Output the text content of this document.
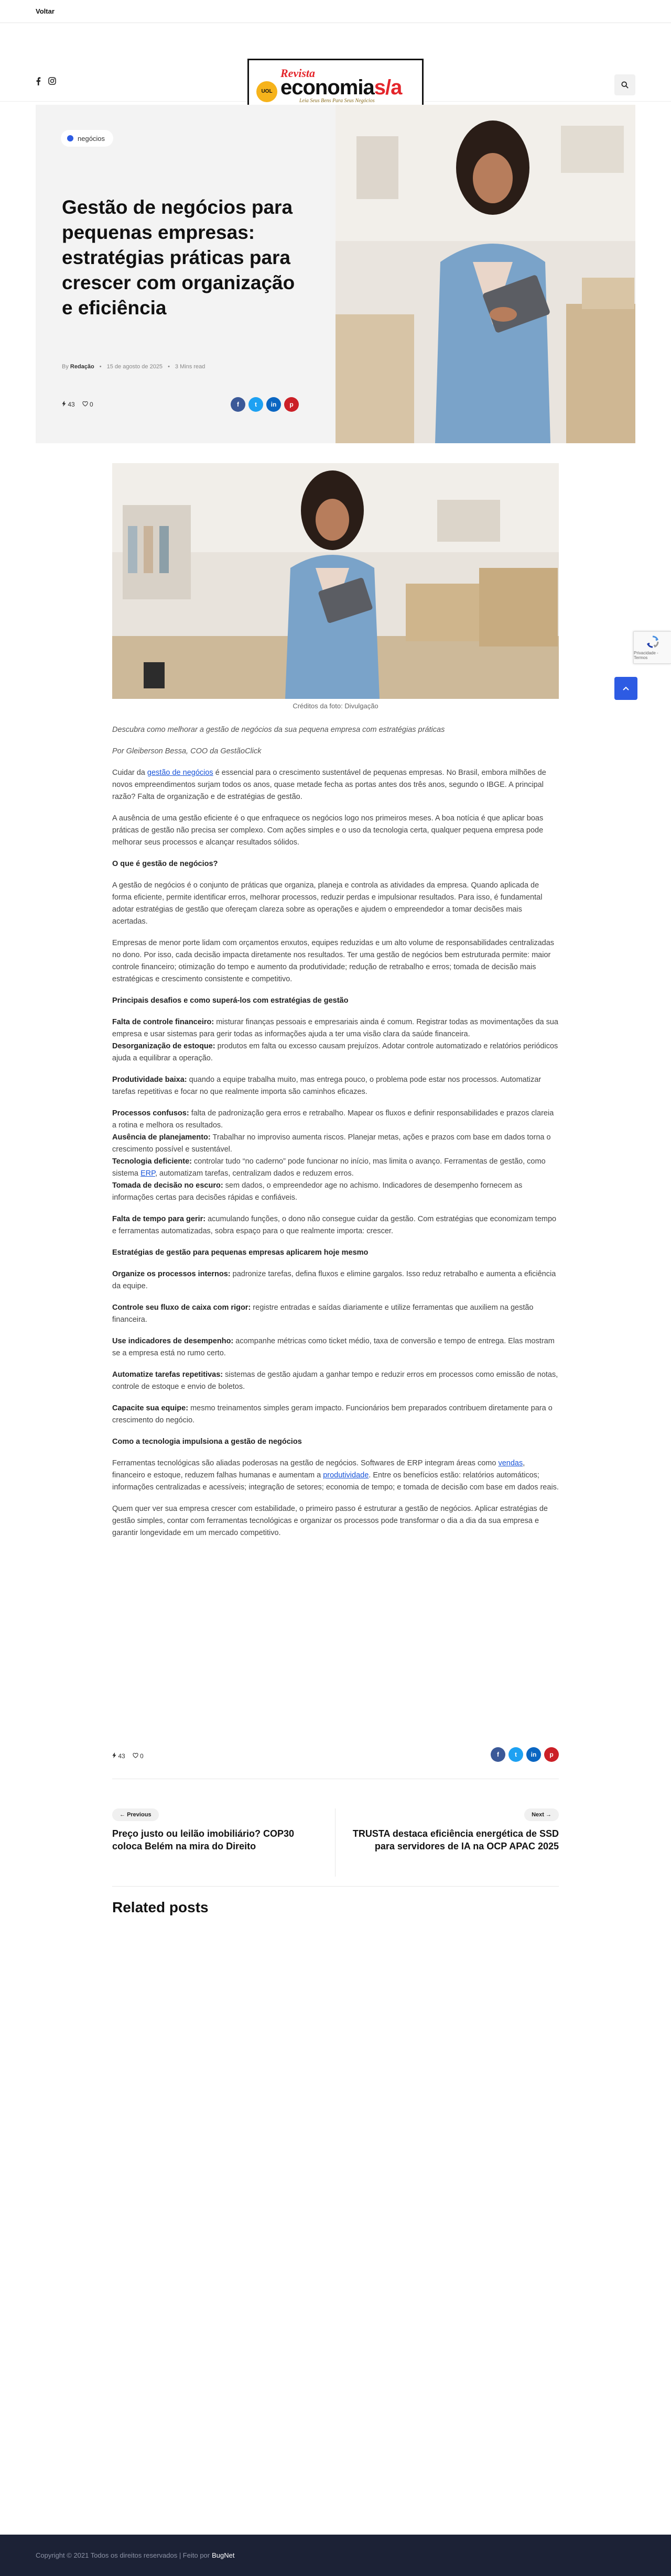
Voltar
UOL
Revista
economias/a
Leia Seus Bens Para Seus Negócios
negócios
Gestão de negócios para pequenas empresas: estratégias práticas para crescer com organização e eficiência
By Redação • 15 de agosto de 2025 • 3 Mins read
43	0	f	t	in	p
Créditos da foto: Divulgação

Descubra como melhorar a gestão de negócios da sua pequena empresa com estratégias práticas

Por Gleiberson Bessa, COO da GestãoClick

Cuidar da gestão de negócios é essencial para o crescimento sustentável de pequenas empresas. No Brasil, embora milhões de novos empreendimentos surjam todos os anos, quase metade fecha as portas antes dos três anos, segundo o IBGE. A principal razão? Falta de organização e de estratégias de gestão.

A ausência de uma gestão eficiente é o que enfraquece os negócios logo nos primeiros meses. A boa notícia é que aplicar boas práticas de gestão não precisa ser complexo. Com ações simples e o uso da tecnologia certa, qualquer pequena empresa pode melhorar seus processos e alcançar resultados sólidos.

O que é gestão de negócios?

A gestão de negócios é o conjunto de práticas que organiza, planeja e controla as atividades da empresa. Quando aplicada de forma eficiente, permite identificar erros, melhorar processos, reduzir perdas e impulsionar resultados. Para isso, é fundamental adotar estratégias de gestão que ofereçam clareza sobre as operações e ajudem o empreendedor a tomar decisões mais acertadas.

Empresas de menor porte lidam com orçamentos enxutos, equipes reduzidas e um alto volume de responsabilidades centralizadas no dono. Por isso, cada decisão impacta diretamente nos resultados. Ter uma gestão de negócios bem estruturada permite: maior controle financeiro; otimização do tempo e aumento da produtividade; redução de retrabalho e erros; tomada de decisão mais estratégicas e crescimento consistente e competitivo.

Principais desafios e como superá-los com estratégias de gestão

Falta de controle financeiro: misturar finanças pessoais e empresariais ainda é comum. Registrar todas as movimentações da sua empresa e usar sistemas para gerir todas as informações ajuda a ter uma visão clara da saúde financeira.
Desorganização de estoque: produtos em falta ou excesso causam prejuízos. Adotar controle automatizado e relatórios periódicos ajuda a equilibrar a operação.

Produtividade baixa: quando a equipe trabalha muito, mas entrega pouco, o problema pode estar nos processos. Automatizar tarefas repetitivas e focar no que realmente importa são caminhos eficazes.

Processos confusos: falta de padronização gera erros e retrabalho. Mapear os fluxos e definir responsabilidades e prazos clareia a rotina e melhora os resultados.
Ausência de planejamento: Trabalhar no improviso aumenta riscos. Planejar metas, ações e prazos com base em dados torna o crescimento possível e sustentável.
Tecnologia deficiente: controlar tudo “no caderno” pode funcionar no início, mas limita o avanço. Ferramentas de gestão, como sistema ERP, automatizam tarefas, centralizam dados e reduzem erros.
Tomada de decisão no escuro: sem dados, o empreendedor age no achismo. Indicadores de desempenho fornecem as informações certas para decisões rápidas e confiáveis.

Falta de tempo para gerir: acumulando funções, o dono não consegue cuidar da gestão. Com estratégias que economizam tempo e ferramentas automatizadas, sobra espaço para o que realmente importa: crescer.

Estratégias de gestão para pequenas empresas aplicarem hoje mesmo

Organize os processos internos: padronize tarefas, defina fluxos e elimine gargalos. Isso reduz retrabalho e aumenta a eficiência da equipe.

Controle seu fluxo de caixa com rigor: registre entradas e saídas diariamente e utilize ferramentas que auxiliem na gestão financeira.

Use indicadores de desempenho: acompanhe métricas como ticket médio, taxa de conversão e tempo de entrega. Elas mostram se a empresa está no rumo certo.

Automatize tarefas repetitivas: sistemas de gestão ajudam a ganhar tempo e reduzir erros em processos como emissão de notas, controle de estoque e envio de boletos.

Capacite sua equipe: mesmo treinamentos simples geram impacto. Funcionários bem preparados contribuem diretamente para o crescimento do negócio.

Como a tecnologia impulsiona a gestão de negócios

Ferramentas tecnológicas são aliadas poderosas na gestão de negócios. Softwares de ERP integram áreas como vendas, financeiro e estoque, reduzem falhas humanas e aumentam a produtividade. Entre os benefícios estão: relatórios automáticos; informações centralizadas e acessíveis; integração de setores; economia de tempo; e tomada de decisão com base em dados reais.

Quem quer ver sua empresa crescer com estabilidade, o primeiro passo é estruturar a gestão de negócios. Aplicar estratégias de gestão simples, contar com ferramentas tecnológicas e organizar os processos pode transformar o dia a dia da sua empresa e garantir longevidade em um mercado competitivo.

43	0	f	t	in	p
← Previous
Preço justo ou leilão imobiliário? COP30 coloca Belém na mira do Direito
Next →
TRUSTA destaca eficiência energética de SSD para servidores de IA na OCP APAC 2025
Related posts
Privacidade - Termos
Copyright © 2021 Todos os direitos reservados | Feito por BugNet
